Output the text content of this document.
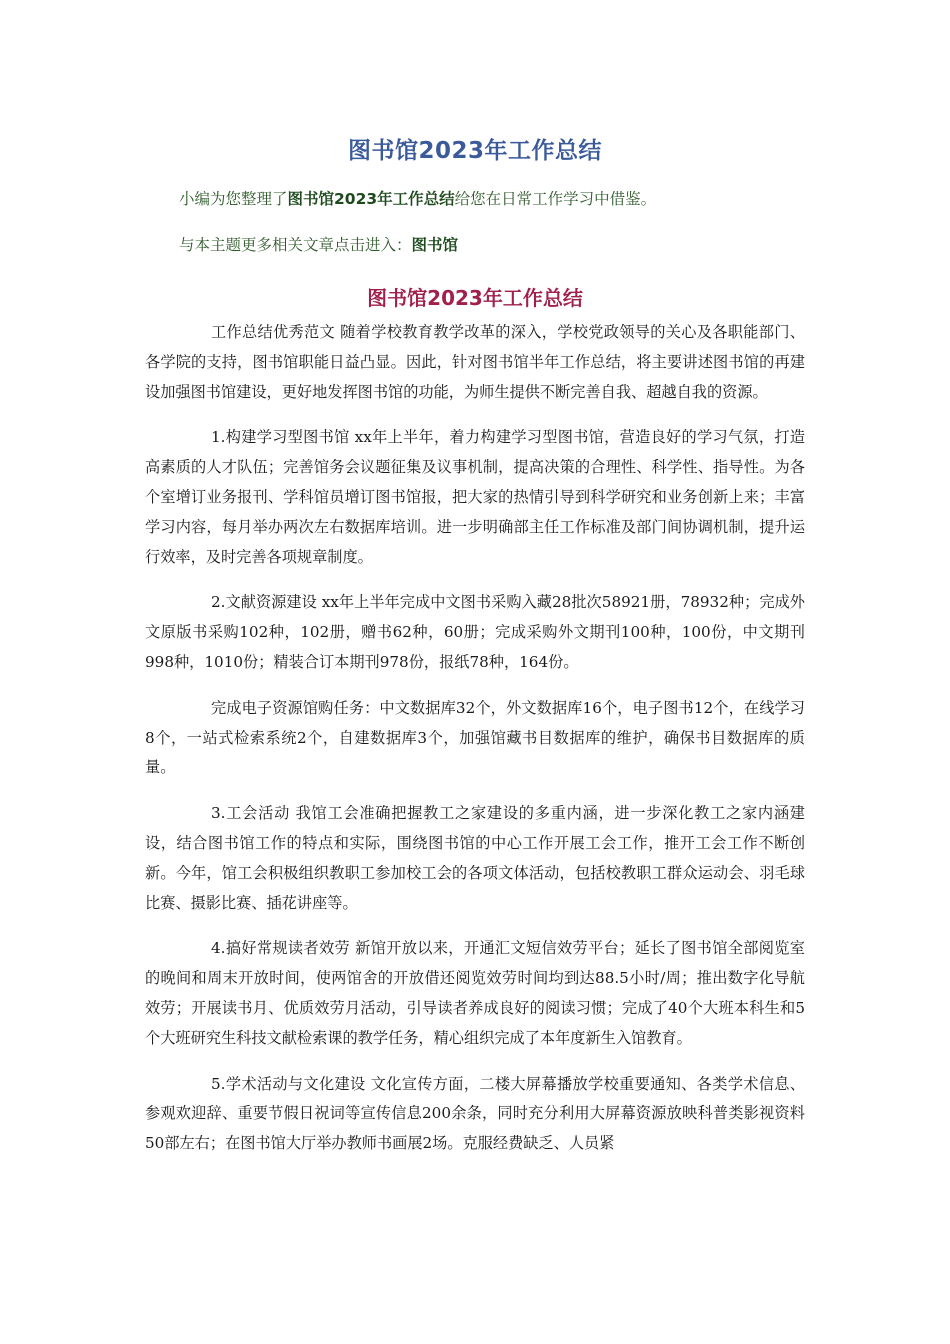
图书馆2023年工作总结
小编为您整理了图书馆2023年工作总结给您在日常工作学习中借鉴。
与本主题更多相关文章点击进入：图书馆
图书馆2023年工作总结

工作总结优秀范文 随着学校教育教学改革的深入，学校党政领导的关心及各职能部门、各学院的支持，图书馆职能日益凸显。因此，针对图书馆半年工作总结，将主要讲述图书馆的再建设加强图书馆建设，更好地发挥图书馆的功能，为师生提供不断完善自我、超越自我的资源。

1.构建学习型图书馆 xx年上半年，着力构建学习型图书馆，营造良好的学习气氛，打造高素质的人才队伍；完善馆务会议题征集及议事机制，提高决策的合理性、科学性、指导性。为各个室增订业务报刊、学科馆员增订图书馆报，把大家的热情引导到科学研究和业务创新上来；丰富学习内容，每月举办两次左右数据库培训。进一步明确部主任工作标准及部门间协调机制，提升运行效率，及时完善各项规章制度。

2.文献资源建设 xx年上半年完成中文图书采购入藏28批次58921册，78932种；完成外文原版书采购102种，102册，赠书62种，60册；完成采购外文期刊100种，100份，中文期刊998种，1010份；精装合订本期刊978份，报纸78种，164份。

完成电子资源馆购任务：中文数据库32个，外文数据库16个，电子图书12个，在线学习8个，一站式检索系统2个，自建数据库3个，加强馆藏书目数据库的维护，确保书目数据库的质量。

3.工会活动 我馆工会准确把握教工之家建设的多重内涵，进一步深化教工之家内涵建设，结合图书馆工作的特点和实际，围绕图书馆的中心工作开展工会工作，推开工会工作不断创新。今年，馆工会积极组织教职工参加校工会的各项文体活动，包括校教职工群众运动会、羽毛球比赛、摄影比赛、插花讲座等。

4.搞好常规读者效劳 新馆开放以来，开通汇文短信效劳平台；延长了图书馆全部阅览室的晚间和周末开放时间，使两馆舍的开放借还阅览效劳时间均到达88.5小时/周；推出数字化导航效劳；开展读书月、优质效劳月活动，引导读者养成良好的阅读习惯；完成了40个大班本科生和5个大班研究生科技文献检索课的教学任务，精心组织完成了本年度新生入馆教育。

5.学术活动与文化建设 文化宣传方面，二楼大屏幕播放学校重要通知、各类学术信息、参观欢迎辞、重要节假日祝词等宣传信息200余条，同时充分利用大屏幕资源放映科普类影视资料50部左右；在图书馆大厅举办教师书画展2场。克服经费缺乏、人员紧
